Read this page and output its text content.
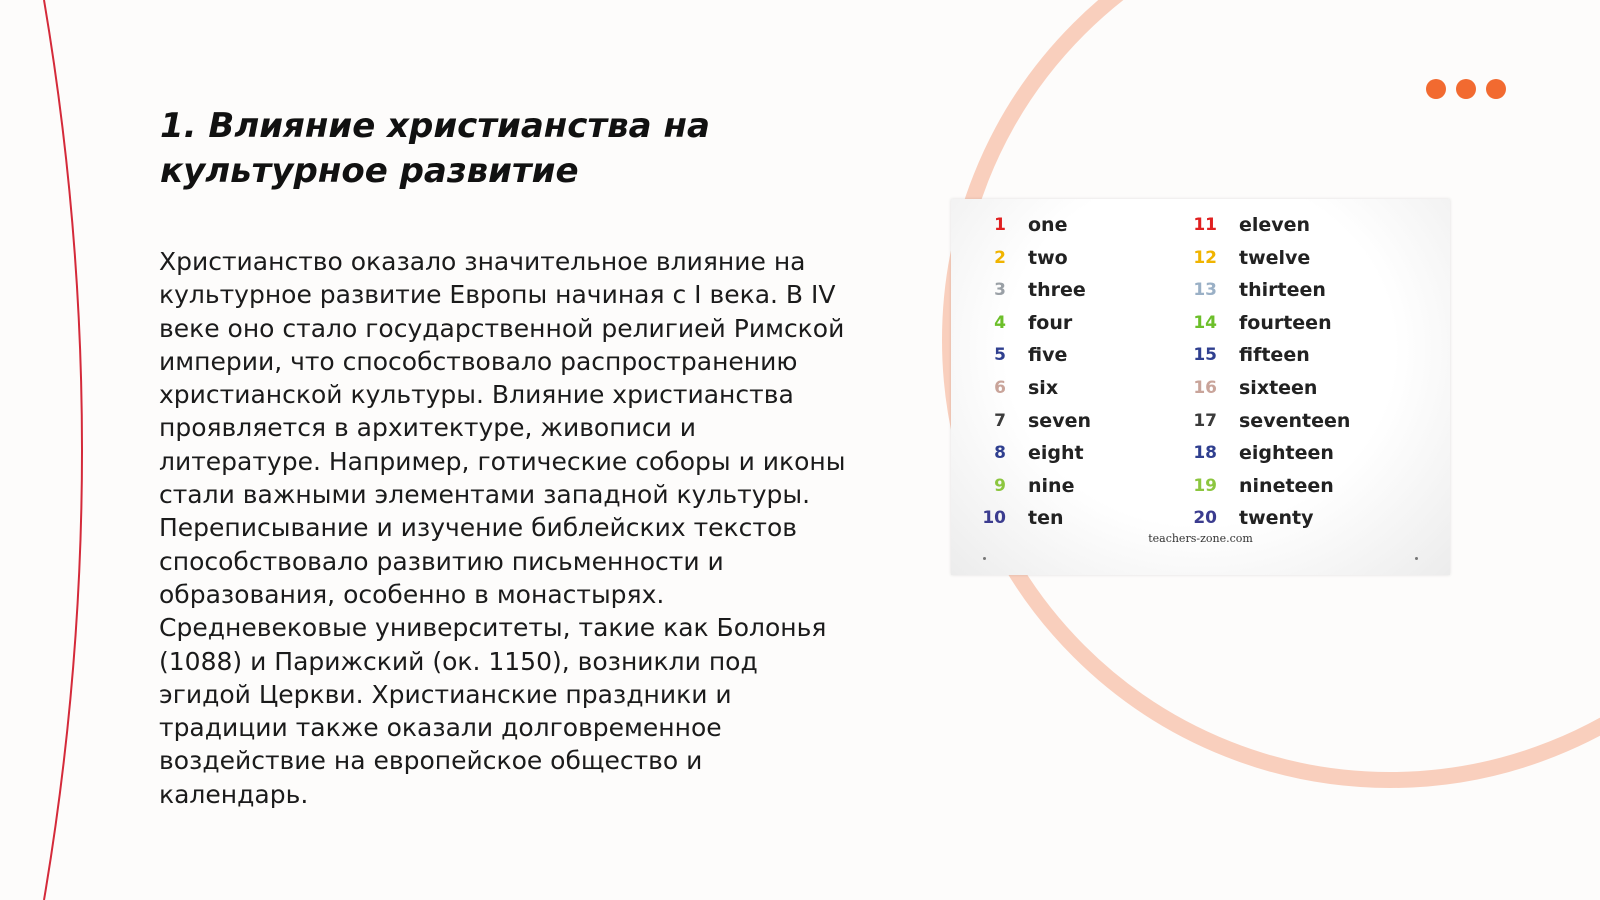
1. Влияние христианства на культурное развитие

Христианство оказало значительное влияние на культурное развитие Европы начиная с I века. В IV веке оно стало государственной религией Римской империи, что способствовало распространению христианской культуры. Влияние христианства проявляется в архитектуре, живописи и литературе. Например, готические соборы и иконы стали важными элементами западной культуры. Переписывание и изучение библейских текстов способствовало развитию письменности и образования, особенно в монастырях. Средневековые университеты, такие как Болонья (1088) и Парижский (ок. 1150), возникли под эгидой Церкви. Христианские праздники и традиции также оказали долговременное воздействие на европейское общество и календарь.

1 one
2 two
3 three
4 four
5 five
6 six
7 seven
8 eight
9 nine
10 ten
11 eleven
12 twelve
13 thirteen
14 fourteen
15 fifteen
16 sixteen
17 seventeen
18 eighteen
19 nineteen
20 twenty
teachers-zone.com
